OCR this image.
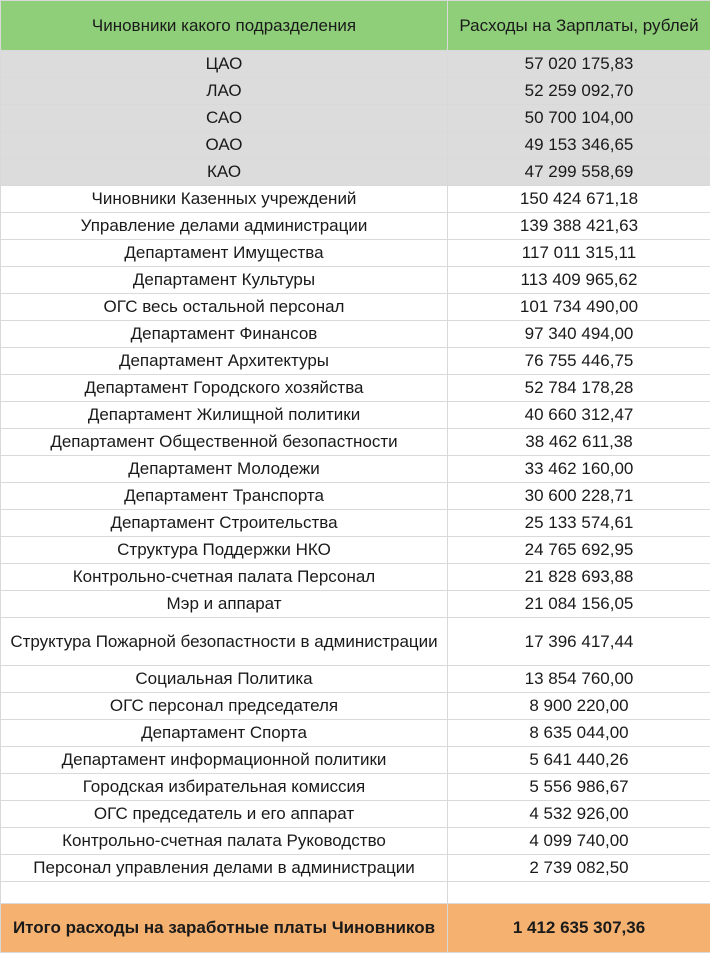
Чиновники какого подразделения	Расходы на Зарплаты, рублей
ЦАО	57 020 175,83
ЛАО	52 259 092,70
САО	50 700 104,00
ОАО	49 153 346,65
КАО	47 299 558,69
Чиновники Казенных учреждений	150 424 671,18
Управление делами администрации	139 388 421,63
Департамент Имущества	117 011 315,11
Департамент Культуры	113 409 965,62
ОГС весь остальной персонал	101 734 490,00
Департамент Финансов	97 340 494,00
Департамент Архитектуры	76 755 446,75
Департамент Городского хозяйства	52 784 178,28
Департамент Жилищной политики	40 660 312,47
Департамент Общественной безопастности	38 462 611,38
Департамент Молодежи	33 462 160,00
Департамент Транспорта	30 600 228,71
Департамент Строительства	25 133 574,61
Структура Поддержки НКО	24 765 692,95
Контрольно-счетная палата Персонал	21 828 693,88
Мэр и аппарат	21 084 156,05
Структура Пожарной безопастности в администрации	17 396 417,44
Социальная Политика	13 854 760,00
ОГС персонал председателя	8 900 220,00
Департамент Спорта	8 635 044,00
Департамент информационной политики	5 641 440,26
Городская избирательная комиссия	5 556 986,67
ОГС председатель и его аппарат	4 532 926,00
Контрольно-счетная палата Руководство	4 099 740,00
Персонал управления делами в администрации	2 739 082,50

Итого расходы на заработные платы Чиновников	1 412 635 307,36
